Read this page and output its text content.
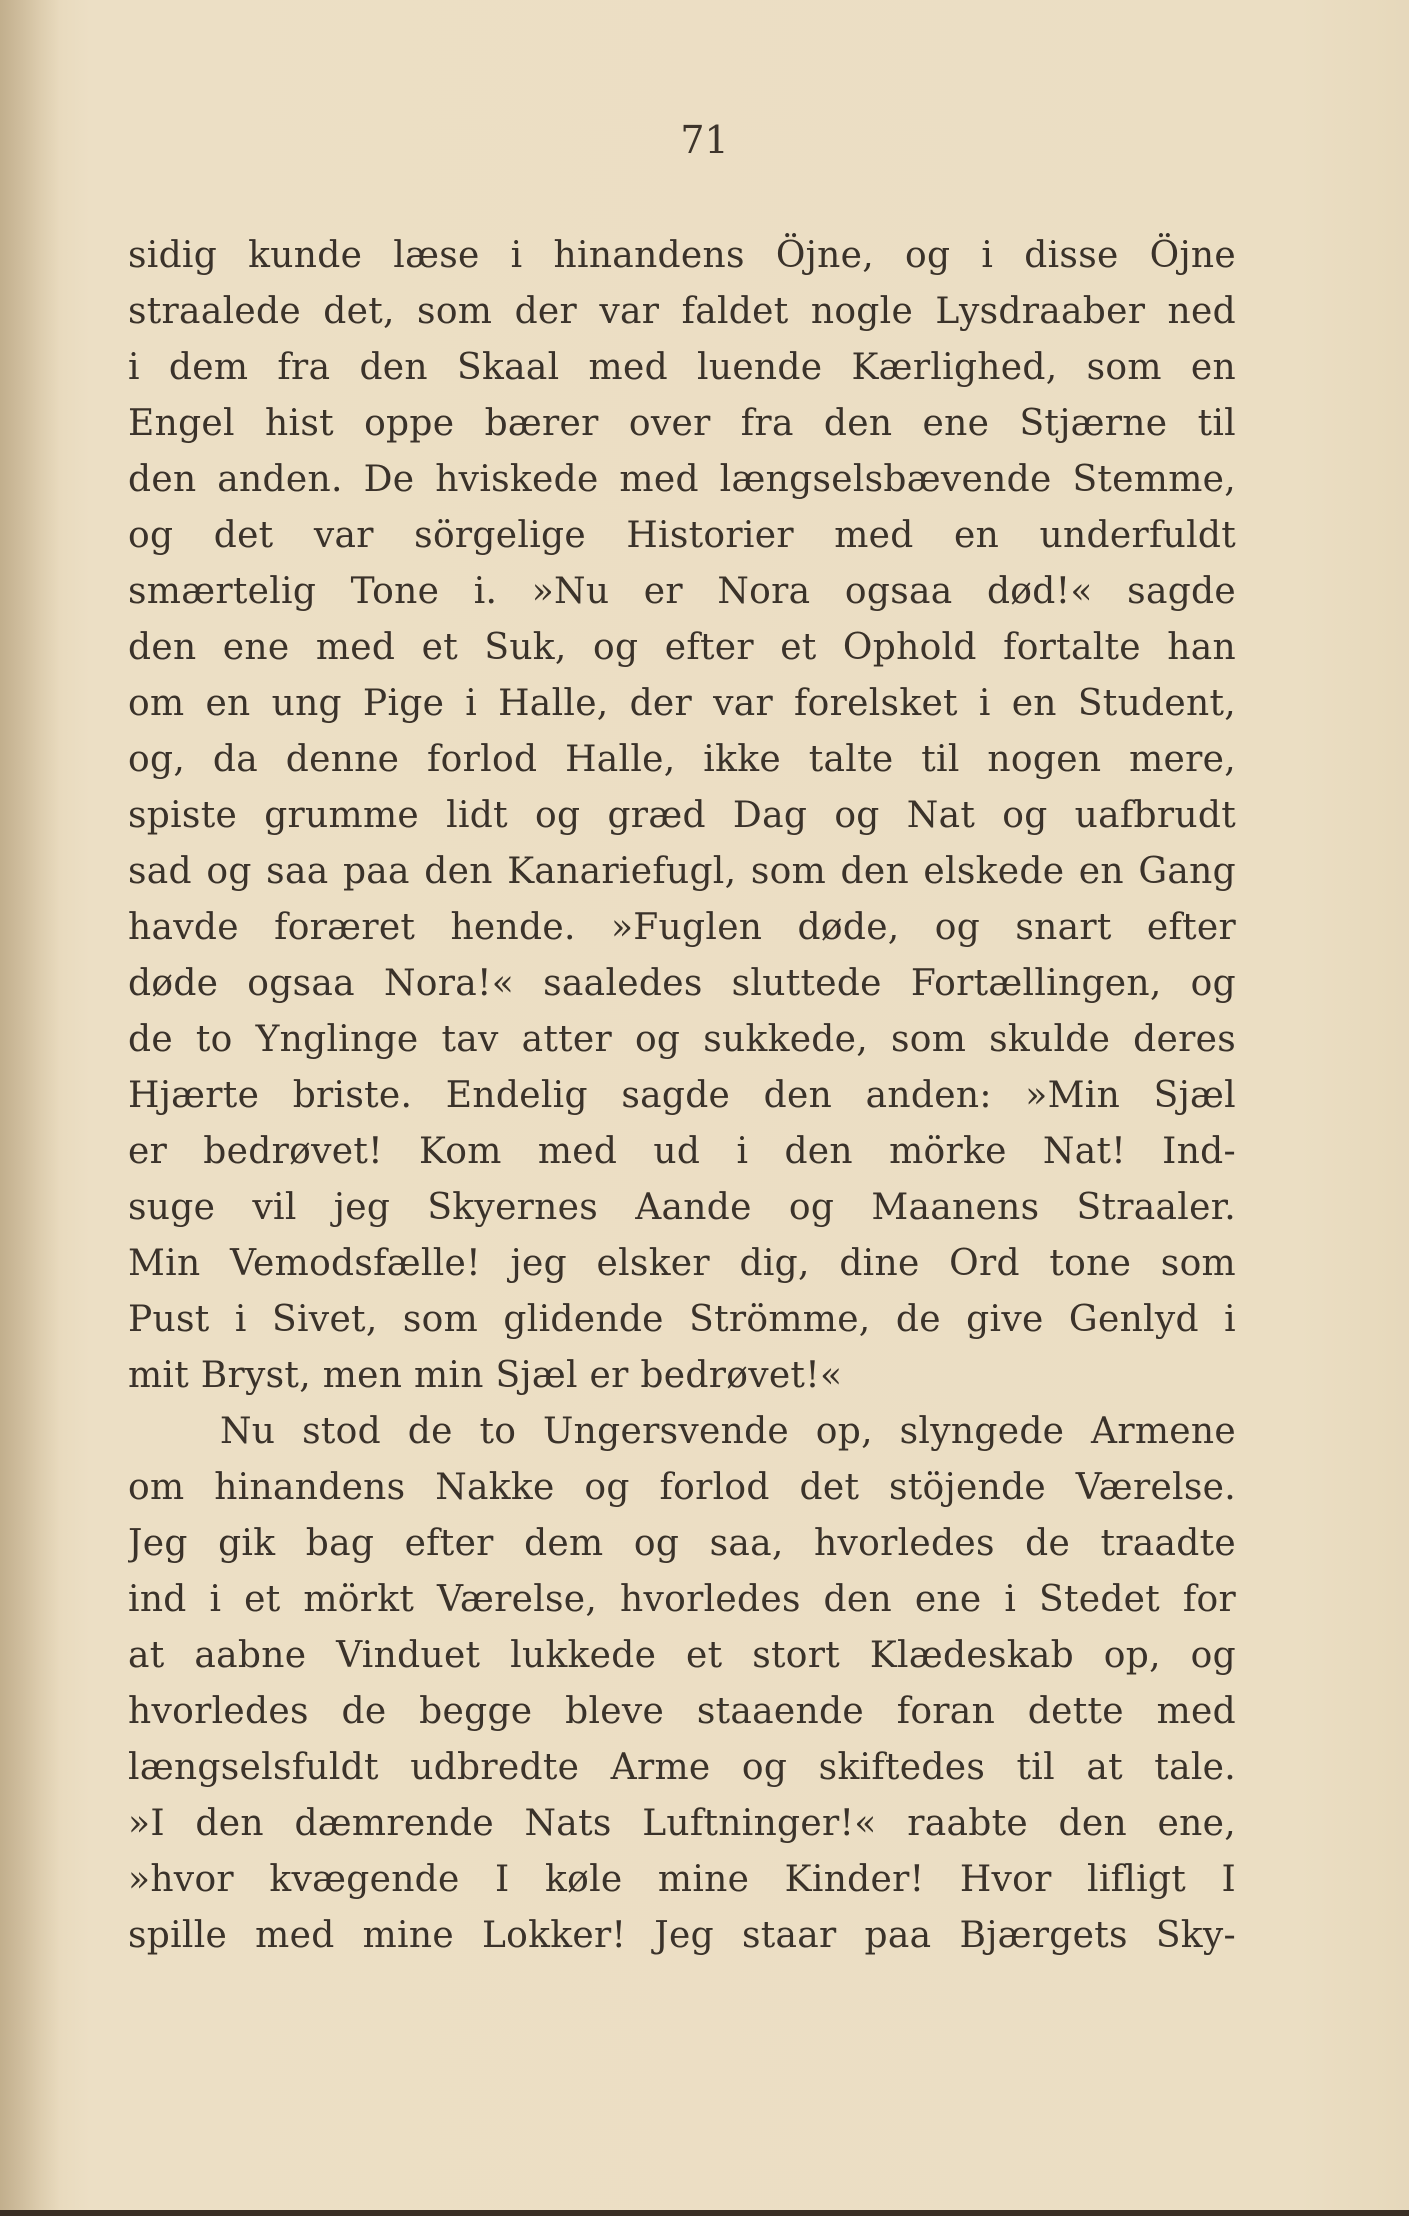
71
sidig kunde læse i hinandens Öjne, og i disse Öjne
straalede det, som der var faldet nogle Lysdraaber ned
i dem fra den Skaal med luende Kærlighed, som en
Engel hist oppe bærer over fra den ene Stjærne til
den anden. De hviskede med længselsbævende Stemme,
og det var sörgelige Historier med en underfuldt
smærtelig Tone i. »Nu er Nora ogsaa død!« sagde
den ene med et Suk, og efter et Ophold fortalte han
om en ung Pige i Halle, der var forelsket i en Student,
og, da denne forlod Halle, ikke talte til nogen mere,
spiste grumme lidt og græd Dag og Nat og uafbrudt
sad og saa paa den Kanariefugl, som den elskede en Gang
havde foræret hende. »Fuglen døde, og snart efter
døde ogsaa Nora!« saaledes sluttede Fortællingen, og
de to Ynglinge tav atter og sukkede, som skulde deres
Hjærte briste. Endelig sagde den anden: »Min Sjæl
er bedrøvet! Kom med ud i den mörke Nat! Ind-
suge vil jeg Skyernes Aande og Maanens Straaler.
Min Vemodsfælle! jeg elsker dig, dine Ord tone som
Pust i Sivet, som glidende Strömme, de give Genlyd i
mit Bryst, men min Sjæl er bedrøvet!«
Nu stod de to Ungersvende op, slyngede Armene
om hinandens Nakke og forlod det stöjende Værelse.
Jeg gik bag efter dem og saa, hvorledes de traadte
ind i et mörkt Værelse, hvorledes den ene i Stedet for
at aabne Vinduet lukkede et stort Klædeskab op, og
hvorledes de begge bleve staaende foran dette med
længselsfuldt udbredte Arme og skiftedes til at tale.
»I den dæmrende Nats Luftninger!« raabte den ene,
»hvor kvægende I køle mine Kinder! Hvor lifligt I
spille med mine Lokker! Jeg staar paa Bjærgets Sky-
